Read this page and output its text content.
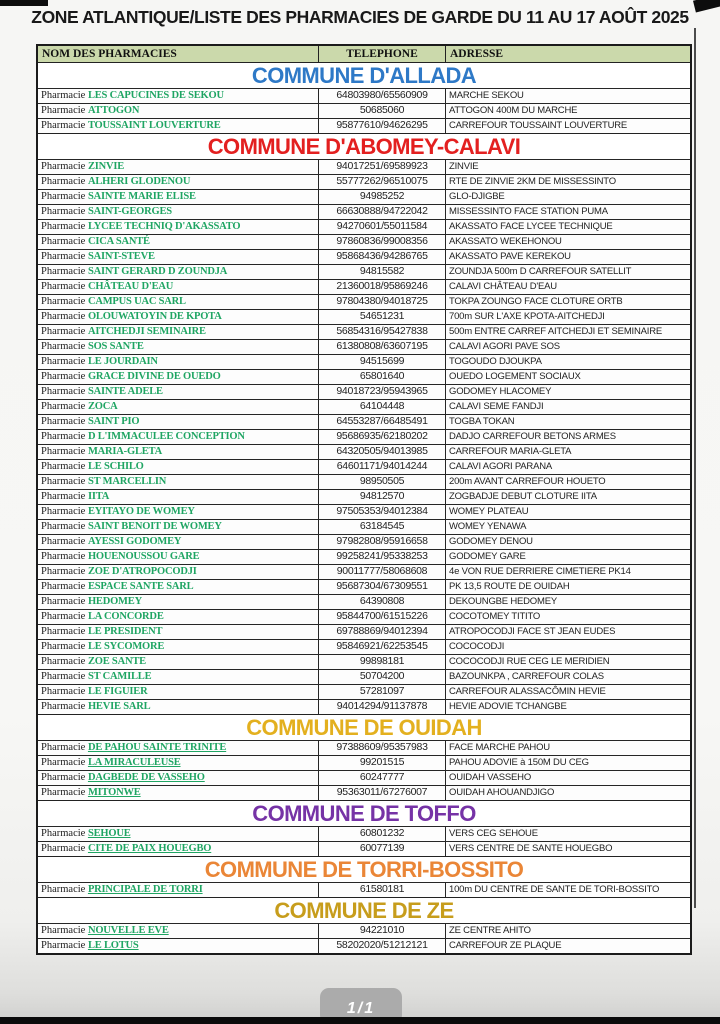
ZONE ATLANTIQUE/LISTE DES PHARMACIES DE GARDE DU 11 AU 17 AOÛT 2025
NOM DES PHARMACIES	TELEPHONE	ADRESSE
COMMUNE D'ALLADA
Pharmacie LES CAPUCINES DE SEKOU	64803980/65560909	MARCHE SEKOU
Pharmacie ATTOGON	50685060	ATTOGON 400M DU MARCHE
Pharmacie TOUSSAINT LOUVERTURE	95877610/94626295	CARREFOUR TOUSSAINT LOUVERTURE
COMMUNE D'ABOMEY-CALAVI
Pharmacie ZINVIE	94017251/69589923	ZINVIE
Pharmacie ALHERI GLODENOU	55777262/96510075	RTE DE ZINVIE 2KM DE MISSESSINTO
Pharmacie SAINTE MARIE ELISE	94985252	GLO-DJIGBE
Pharmacie SAINT-GEORGES	66630888/94722042	MISSESSINTO FACE STATION PUMA
Pharmacie LYCEE TECHNIQ D'AKASSATO	94270601/55011584	AKASSATO FACE LYCEE TECHNIQUE
Pharmacie CICA SANTÉ	97860836/99008356	AKASSATO WEKEHONOU
Pharmacie SAINT-STEVE	95868436/94286765	AKASSATO PAVE KEREKOU
Pharmacie SAINT GERARD D ZOUNDJA	94815582	ZOUNDJA 500m D CARREFOUR SATELLIT
Pharmacie CHÂTEAU D'EAU	21360018/95869246	CALAVI CHÂTEAU D'EAU
Pharmacie CAMPUS UAC SARL	97804380/94018725	TOKPA ZOUNGO FACE CLOTURE ORTB
Pharmacie OLOUWATOYIN DE KPOTA	54651231	700m SUR L'AXE KPOTA-AITCHEDJI
Pharmacie AITCHEDJI SEMINAIRE	56854316/95427838	500m ENTRE CARREF AITCHEDJI ET SEMINAIRE
Pharmacie SOS SANTE	61380808/63607195	CALAVI AGORI PAVE SOS
Pharmacie LE JOURDAIN	94515699	TOGOUDO DJOUKPA
Pharmacie GRACE DIVINE DE OUEDO	65801640	OUEDO LOGEMENT SOCIAUX
Pharmacie SAINTE ADELE	94018723/95943965	GODOMEY HLACOMEY
Pharmacie ZOCA	64104448	CALAVI SEME FANDJI
Pharmacie SAINT PIO	64553287/66485491	TOGBA TOKAN
Pharmacie D L'IMMACULEE CONCEPTION	95686935/62180202	DADJO CARREFOUR BETONS ARMES
Pharmacie MARIA-GLETA	64320505/94013985	CARREFOUR MARIA-GLETA
Pharmacie LE SCHILO	64601171/94014244	CALAVI AGORI PARANA
Pharmacie ST MARCELLIN	98950505	200m AVANT CARREFOUR HOUETO
Pharmacie IITA	94812570	ZOGBADJE DEBUT CLOTURE IITA
Pharmacie EYITAYO DE WOMEY	97505353/94012384	WOMEY PLATEAU
Pharmacie SAINT BENOIT DE WOMEY	63184545	WOMEY YENAWA
Pharmacie AYESSI GODOMEY	97982808/95916658	GODOMEY DENOU
Pharmacie HOUENOUSSOU GARE	99258241/95338253	GODOMEY GARE
Pharmacie ZOE D'ATROPOCODJI	90011777/58068608	4e VON RUE DERRIERE CIMETIERE PK14
Pharmacie ESPACE SANTE SARL	95687304/67309551	PK 13,5 ROUTE DE OUIDAH
Pharmacie HEDOMEY	64390808	DEKOUNGBE HEDOMEY
Pharmacie LA CONCORDE	95844700/61515226	COCOTOMEY TITITO
Pharmacie LE PRESIDENT	69788869/94012394	ATROPOCODJI FACE ST JEAN EUDES
Pharmacie LE SYCOMORE	95846921/62253545	COCOCODJI
Pharmacie ZOE SANTE	99898181	COCOCODJI RUE CEG LE MERIDIEN
Pharmacie ST CAMILLE	50704200	BAZOUNKPA , CARREFOUR COLAS
Pharmacie LE FIGUIER	57281097	CARREFOUR ALASSACÔMIN HEVIE
Pharmacie HEVIE SARL	94014294/91137878	HEVIE ADOVIE TCHANGBE
COMMUNE DE OUIDAH
Pharmacie DE PAHOU SAINTE TRINITE	97388609/95357983	FACE MARCHE PAHOU
Pharmacie LA MIRACULEUSE	99201515	PAHOU ADOVIE à 150M DU CEG
Pharmacie DAGBEDE DE VASSEHO	60247777	OUIDAH VASSEHO
Pharmacie MITONWE	95363011/67276007	OUIDAH AHOUANDJIGO
COMMUNE DE TOFFO
Pharmacie SEHOUE	60801232	VERS CEG SEHOUE
Pharmacie CITE DE PAIX HOUEGBO	60077139	VERS CENTRE DE SANTE HOUEGBO
COMMUNE DE TORRI-BOSSITO
Pharmacie PRINCIPALE DE TORRI	61580181	100m DU CENTRE DE SANTE DE TORI-BOSSITO
COMMUNE DE ZE
Pharmacie NOUVELLE EVE	94221010	ZE CENTRE AHITO
Pharmacie LE LOTUS	58202020/51212121	CARREFOUR ZE PLAQUE
1/1
